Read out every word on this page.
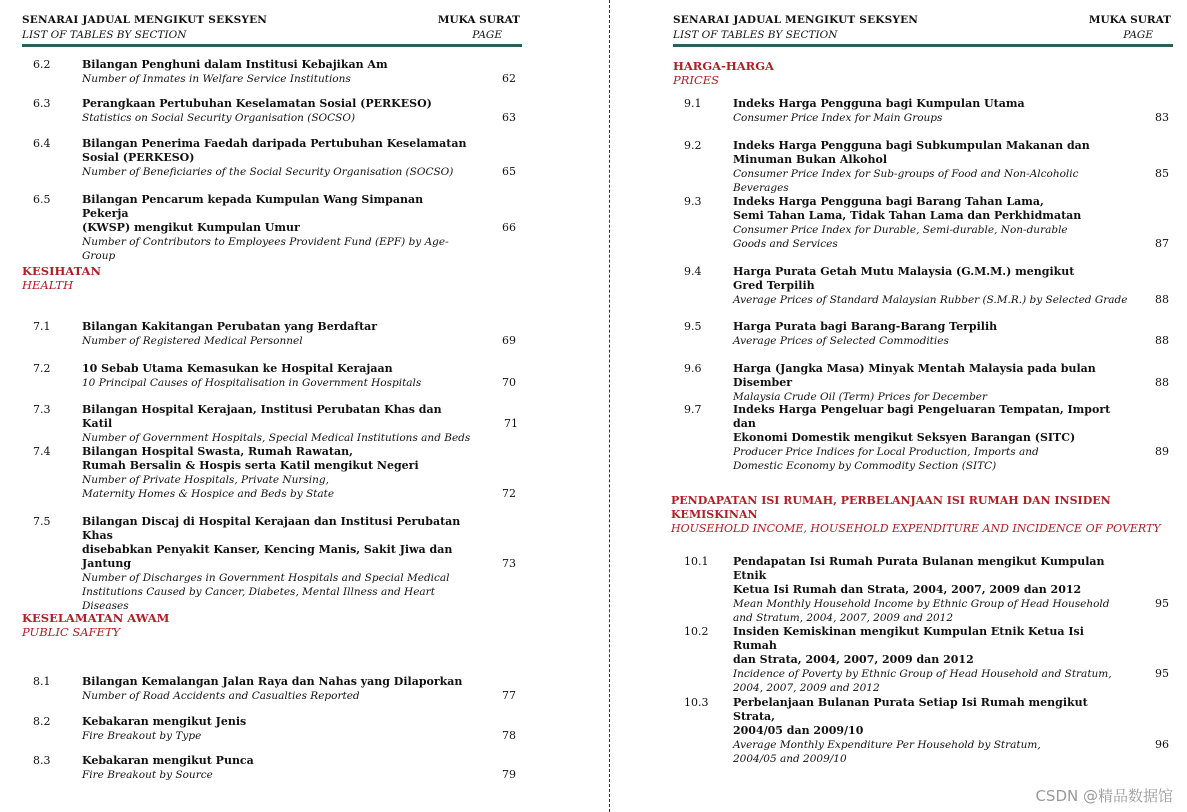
SENARAI JADUAL MENGIKUT SEKSYEN
LIST OF TABLES BY SECTION
MUKA SURAT
PAGE
6.2	Bilangan Penghuni dalam Institusi Kebajikan Am
Number of Inmates in Welfare Service Institutions	62
6.3	Perangkaan Pertubuhan Keselamatan Sosial (PERKESO)
Statistics on Social Security Organisation (SOCSO)	63
6.4	Bilangan Penerima Faedah daripada Pertubuhan Keselamatan
Sosial (PERKESO)
Number of Beneficiaries of the Social Security Organisation (SOCSO)	65
6.5	Bilangan Pencarum kepada Kumpulan Wang Simpanan Pekerja
(KWSP) mengikut Kumpulan Umur
Number of Contributors to Employees Provident Fund (EPF) by Age-Group
66
KESIHATAN
HEALTH
7.1	Bilangan Kakitangan Perubatan yang Berdaftar
Number of Registered Medical Personnel	69
7.2	10 Sebab Utama Kemasukan ke Hospital Kerajaan
10 Principal Causes of Hospitalisation in Government Hospitals	70
7.3	Bilangan Hospital Kerajaan, Institusi Perubatan Khas dan Katil
Number of Government Hospitals, Special Medical Institutions and Beds
71
7.4	Bilangan Hospital Swasta, Rumah Rawatan,
Rumah Bersalin & Hospis serta Katil mengikut Negeri
Number of Private Hospitals, Private Nursing,
Maternity Homes & Hospice and Beds by State	72
7.5	Bilangan Discaj di Hospital Kerajaan dan Institusi Perubatan Khas
disebabkan Penyakit Kanser, Kencing Manis, Sakit Jiwa dan Jantung
Number of Discharges in Government Hospitals and Special Medical
Institutions Caused by Cancer, Diabetes, Mental Illness and Heart Diseases
73
KESELAMATAN AWAM
PUBLIC SAFETY
8.1	Bilangan Kemalangan Jalan Raya dan Nahas yang Dilaporkan
Number of Road Accidents and Casualties Reported	77
8.2	Kebakaran mengikut Jenis
Fire Breakout by Type	78
8.3	Kebakaran mengikut Punca
Fire Breakout by Source	79
SENARAI JADUAL MENGIKUT SEKSYEN
LIST OF TABLES BY SECTION
MUKA SURAT
PAGE
HARGA-HARGA
PRICES
9.1	Indeks Harga Pengguna bagi Kumpulan Utama
Consumer Price Index for Main Groups	83
9.2	Indeks Harga Pengguna bagi Subkumpulan Makanan dan
Minuman Bukan Alkohol
Consumer Price Index for Sub-groups of Food and Non-Alcoholic Beverages
85
9.3	Indeks Harga Pengguna bagi Barang Tahan Lama,
Semi Tahan Lama, Tidak Tahan Lama dan Perkhidmatan
Consumer Price Index for Durable, Semi-durable, Non-durable
Goods and Services	87
9.4	Harga Purata Getah Mutu Malaysia (G.M.M.) mengikut
Gred Terpilih
Average Prices of Standard Malaysian Rubber (S.M.R.) by Selected Grade	88
9.5	Harga Purata bagi Barang-Barang Terpilih
Average Prices of Selected Commodities	88
9.6	Harga (Jangka Masa) Minyak Mentah Malaysia pada bulan Disember
Malaysia Crude Oil (Term) Prices for December
88
9.7	Indeks Harga Pengeluar bagi Pengeluaran Tempatan, Import dan
Ekonomi Domestik mengikut Seksyen Barangan (SITC)
Producer Price Indices for Local Production, Imports and
Domestic Economy by Commodity Section (SITC)
89
PENDAPATAN ISI RUMAH, PERBELANJAAN ISI RUMAH DAN INSIDEN KEMISKINAN
HOUSEHOLD INCOME, HOUSEHOLD EXPENDITURE AND INCIDENCE OF POVERTY
10.1 Pendapatan Isi Rumah Purata Bulanan mengikut Kumpulan Etnik
Ketua Isi Rumah dan Strata, 2004, 2007, 2009 dan 2012
Mean Monthly Household Income by Ethnic Group of Head Household
and Stratum, 2004, 2007, 2009 and 2012
95
10.2 Insiden Kemiskinan mengikut Kumpulan Etnik Ketua Isi Rumah
dan Strata, 2004, 2007, 2009 dan 2012
Incidence of Poverty by Ethnic Group of Head Household and Stratum,
2004, 2007, 2009 and 2012
95
10.3 Perbelanjaan Bulanan Purata Setiap Isi Rumah mengikut Strata,
2004/05 dan 2009/10
Average Monthly Expenditure Per Household by Stratum,
2004/05 and 2009/10
96
CSDN @精品数据馆
